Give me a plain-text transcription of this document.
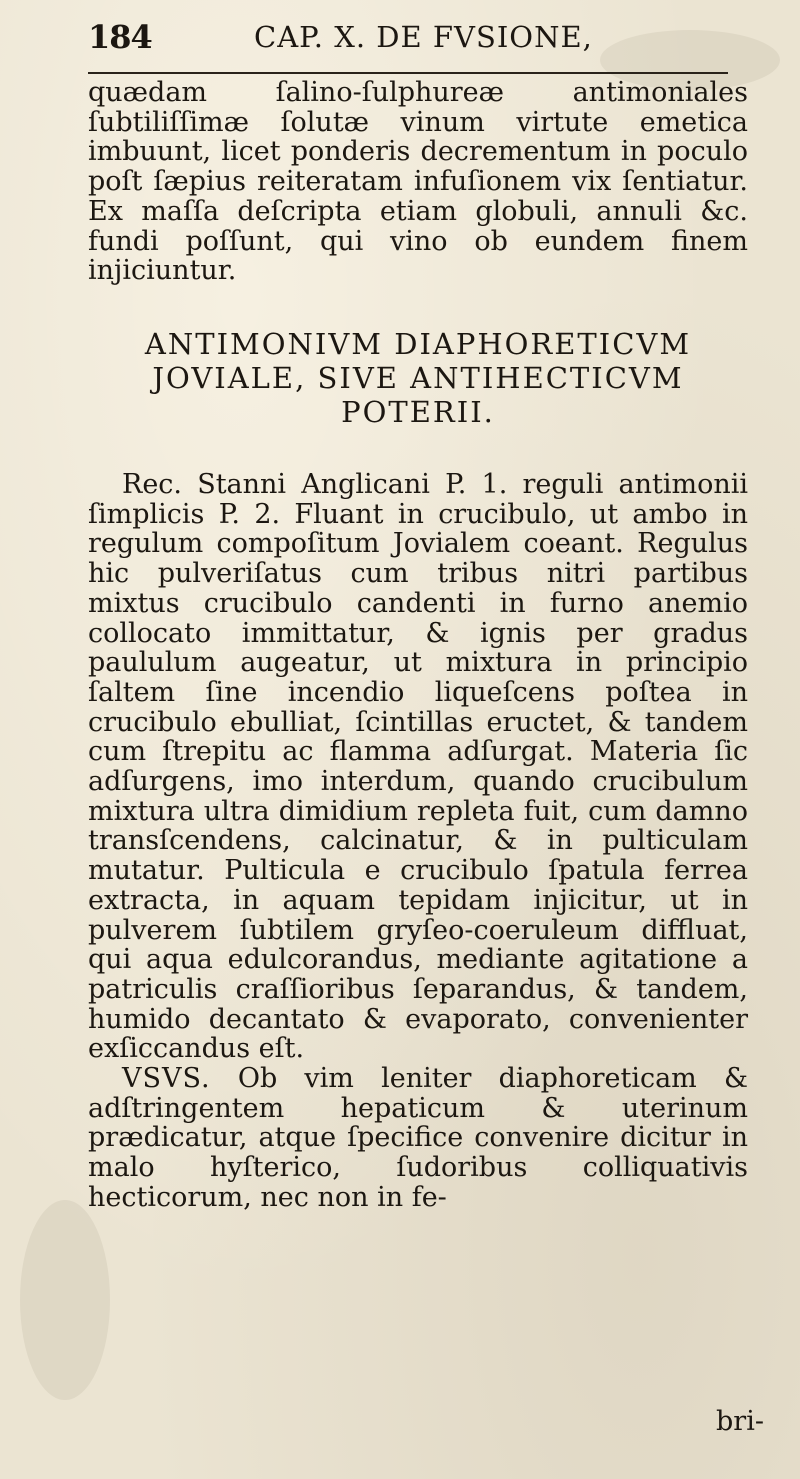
184	CAP. X. DE FVSIONE,

quædam ſalino-ſulphureæ antimoniales ſubtiliſſimæ ſolutæ vinum virtute emetica imbuunt, licet ponderis decrementum in poculo poſt ſæpius reiteratam infuſionem vix ſentiatur. Ex maſſa deſcripta etiam globuli, annuli &c. fundi poſſunt, qui vino ob eundem finem injiciuntur.

ANTIMONIVM DIAPHORETICVM
JOVIALE, SIVE ANTIHECTICVM
POTERII.

Rec. Stanni Anglicani P. 1. reguli antimonii ſimplicis P. 2. Fluant in crucibulo, ut ambo in regulum compoſitum Jovialem coeant. Regulus hic pulveriſatus cum tribus nitri partibus mixtus crucibulo candenti in furno anemio collocato immittatur, & ignis per gradus paululum augeatur, ut mixtura in principio ſaltem ſine incendio liqueſcens poſtea in crucibulo ebulliat, ſcintillas eructet, & tandem cum ſtrepitu ac flamma adſurgat. Materia ſic adſurgens, imo interdum, quando crucibulum mixtura ultra dimidium repleta fuit, cum damno transſcendens, calcinatur, & in pulticulam mutatur. Pulticula e crucibulo ſpatula ferrea extracta, in aquam tepidam injicitur, ut in pulverem ſubtilem gryſeo-coeruleum diffluat, qui aqua edulcorandus, mediante agitatione a patriculis craſſioribus ſeparandus, & tandem, humido decantato & evaporato, convenienter exſiccandus eſt.

VSVS. Ob vim leniter diaphoreticam & adſtringentem hepaticum & uterinum prædicatur, atque ſpecifice convenire dicitur in malo hyſterico, ſudoribus colliquativis hecticorum, nec non in fe-

bri-
